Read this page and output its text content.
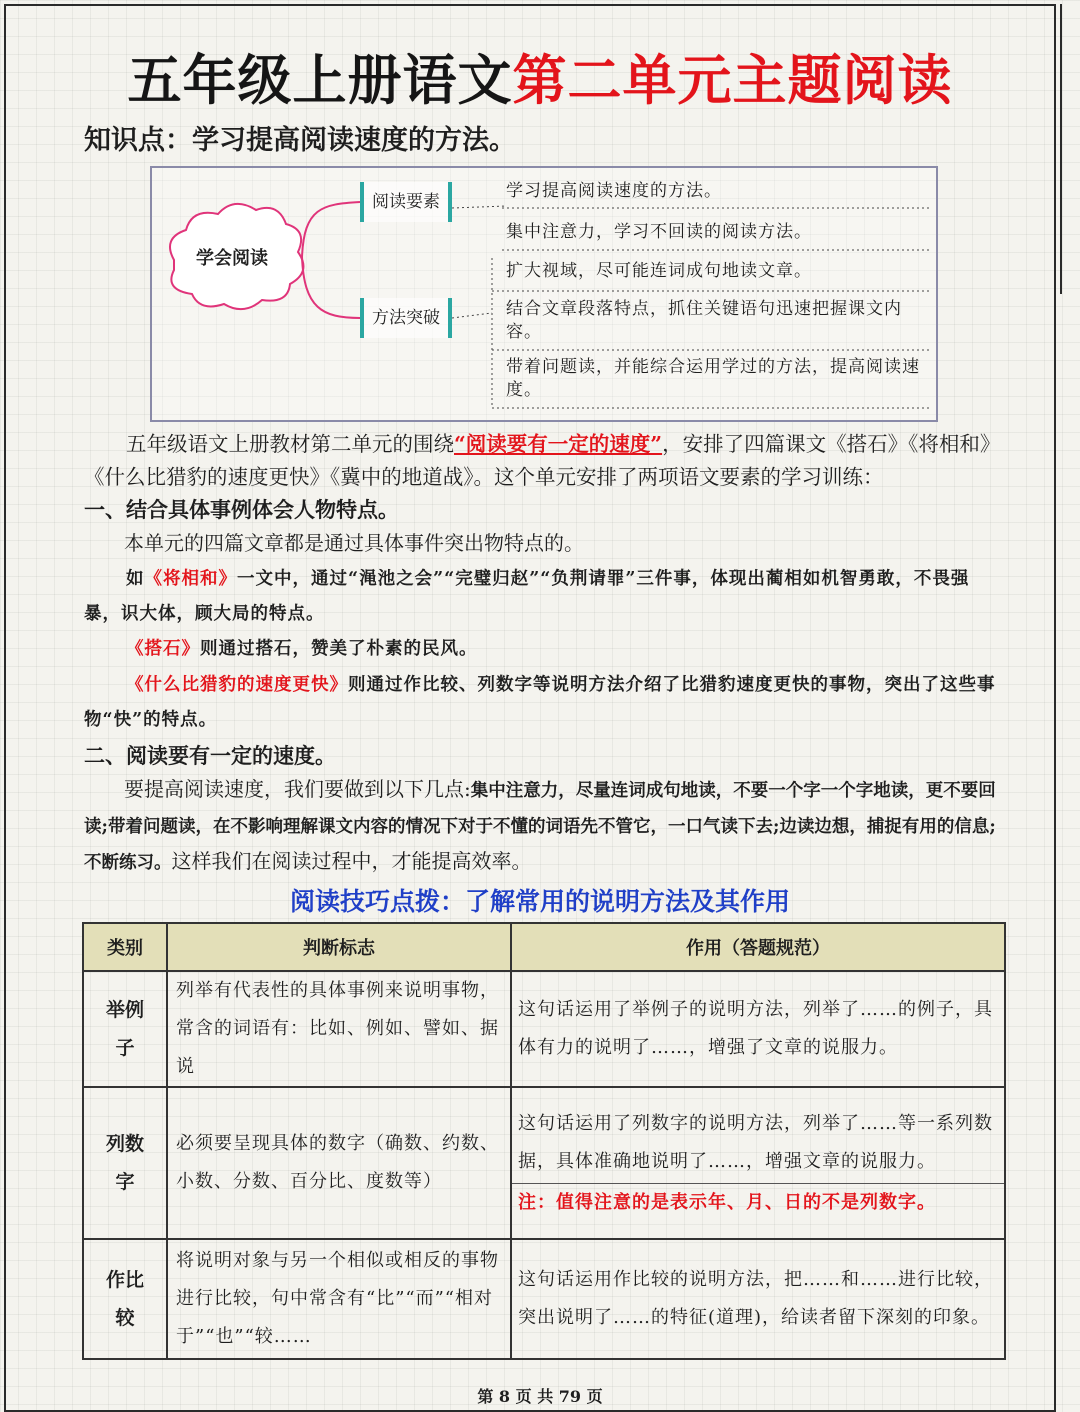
五年级上册语文第二单元主题阅读
知识点：学习提高阅读速度的方法。
学会阅读
阅读要素
方法突破
学习提高阅读速度的方法。
集中注意力，学习不回读的阅读方法。
扩大视域，尽可能连词成句地读文章。
结合文章段落特点，抓住关键语句迅速把握课文内容。
带着问题读，并能综合运用学过的方法，提高阅读速度。
五年级语文上册教材第二单元的围绕“阅读要有一定的速度”，安排了四篇课文《搭石》《将相和》《什么比猎豹的速度更快》《冀中的地道战》。这个单元安排了两项语文要素的学习训练：
一、结合具体事例体会人物特点。
本单元的四篇文章都是通过具体事件突出物特点的。
如《将相和》一文中，通过“渑池之会”“完璧归赵”“负荆请罪”三件事，体现出蔺相如机智勇敢，不畏强暴，识大体，顾大局的特点。
《搭石》则通过搭石，赞美了朴素的民风。
《什么比猎豹的速度更快》则通过作比较、列数字等说明方法介绍了比猎豹速度更快的事物，突出了这些事物“快”的特点。
二、阅读要有一定的速度。
要提高阅读速度，我们要做到以下几点:集中注意力，尽量连词成句地读，不要一个字一个字地读，更不要回读;带着问题读，在不影响理解课文内容的情况下对于不懂的词语先不管它，一口气读下去;边读边想，捕捉有用的信息;不断练习。这样我们在阅读过程中，才能提高效率。
阅读技巧点拨：了解常用的说明方法及其作用
类别	判断标志	作用（答题规范）
举例子	列举有代表性的具体事例来说明事物，常含的词语有：比如、例如、譬如、据说	这句话运用了举例子的说明方法，列举了……的例子，具体有力的说明了……，增强了文章的说服力。
列数字	必须要呈现具体的数字（确数、约数、小数、分数、百分比、度数等）	这句话运用了列数字的说明方法，列举了……等一系列数据，具体准确地说明了……，增强文章的说服力。
注：值得注意的是表示年、月、日的不是列数字。

作比较	将说明对象与另一个相似或相反的事物进行比较，句中常含有“比”“而”“相对于”“也”“较……	这句话运用作比较的说明方法，把……和……进行比较，突出说明了……的特征(道理)，给读者留下深刻的印象。
第 8 页 共 79 页
